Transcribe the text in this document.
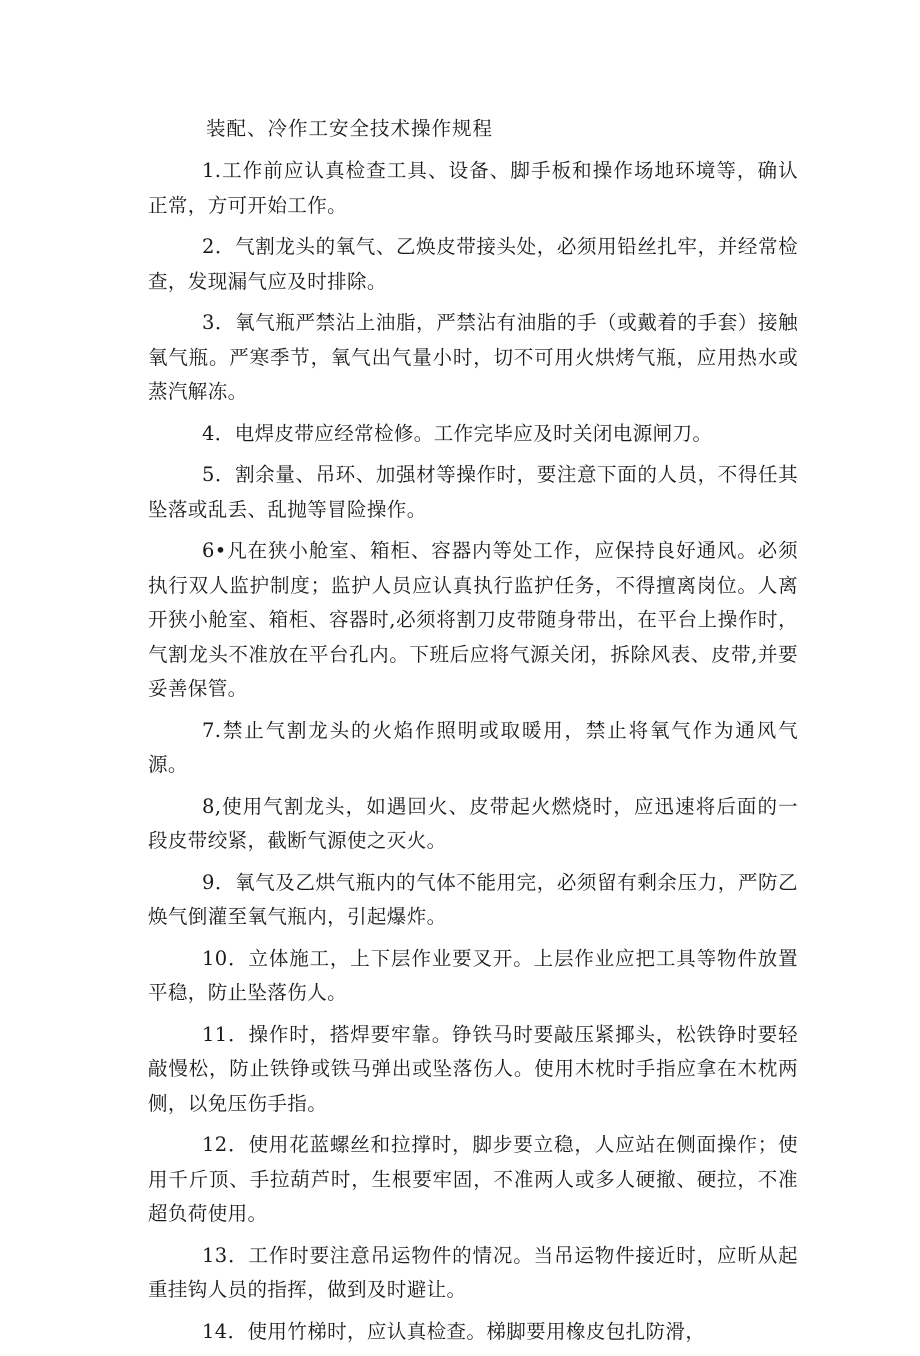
装配、冷作工安全技术操作规程

1.工作前应认真检查工具、设备、脚手板和操作场地环境等，确认正常，方可开始工作。

2．气割龙头的氧气、乙焕皮带接头处，必须用铅丝扎牢，并经常检查，发现漏气应及时排除。

3．氧气瓶严禁沾上油脂，严禁沾有油脂的手（或戴着的手套）接触氧气瓶。严寒季节，氧气出气量小时，切不可用火烘烤气瓶，应用热水或蒸汽解冻。

4．电焊皮带应经常检修。工作完毕应及时关闭电源闸刀。

5．割余量、吊环、加强材等操作时，要注意下面的人员，不得任其坠落或乱丢、乱抛等冒险操作。

6•凡在狭小舱室、箱柜、容器内等处工作，应保持良好通风。必须执行双人监护制度；监护人员应认真执行监护任务，不得擅离岗位。人离开狭小舱室、箱柜、容器时,必须将割刀皮带随身带出，在平台上操作时，气割龙头不准放在平台孔内。下班后应将气源关闭，拆除风表、皮带,并要妥善保管。

7.禁止气割龙头的火焰作照明或取暖用，禁止将氧气作为通风气源。

8,使用气割龙头，如遇回火、皮带起火燃烧时，应迅速将后面的一段皮带绞紧，截断气源使之灭火。

9．氧气及乙烘气瓶内的气体不能用完，必须留有剩余压力，严防乙焕气倒灌至氧气瓶内，引起爆炸。

10．立体施工，上下层作业要叉开。上层作业应把工具等物件放置平稳，防止坠落伤人。

11．操作时，搭焊要牢靠。铮铁马时要敲压紧揶头，松铁铮时要轻敲慢松，防止铁铮或铁马弹出或坠落伤人。使用木枕时手指应拿在木枕两侧，以免压伤手指。

12．使用花蓝螺丝和拉撑时，脚步要立稳，人应站在侧面操作；使用千斤顶、手拉葫芦时，生根要牢固，不准两人或多人硬撤、硬拉，不准超负荷使用。

13．工作时要注意吊运物件的情况。当吊运物件接近时，应昕从起重挂钩人员的指挥，做到及时避让。

14．使用竹梯时，应认真检查。梯脚要用橡皮包扎防滑，
